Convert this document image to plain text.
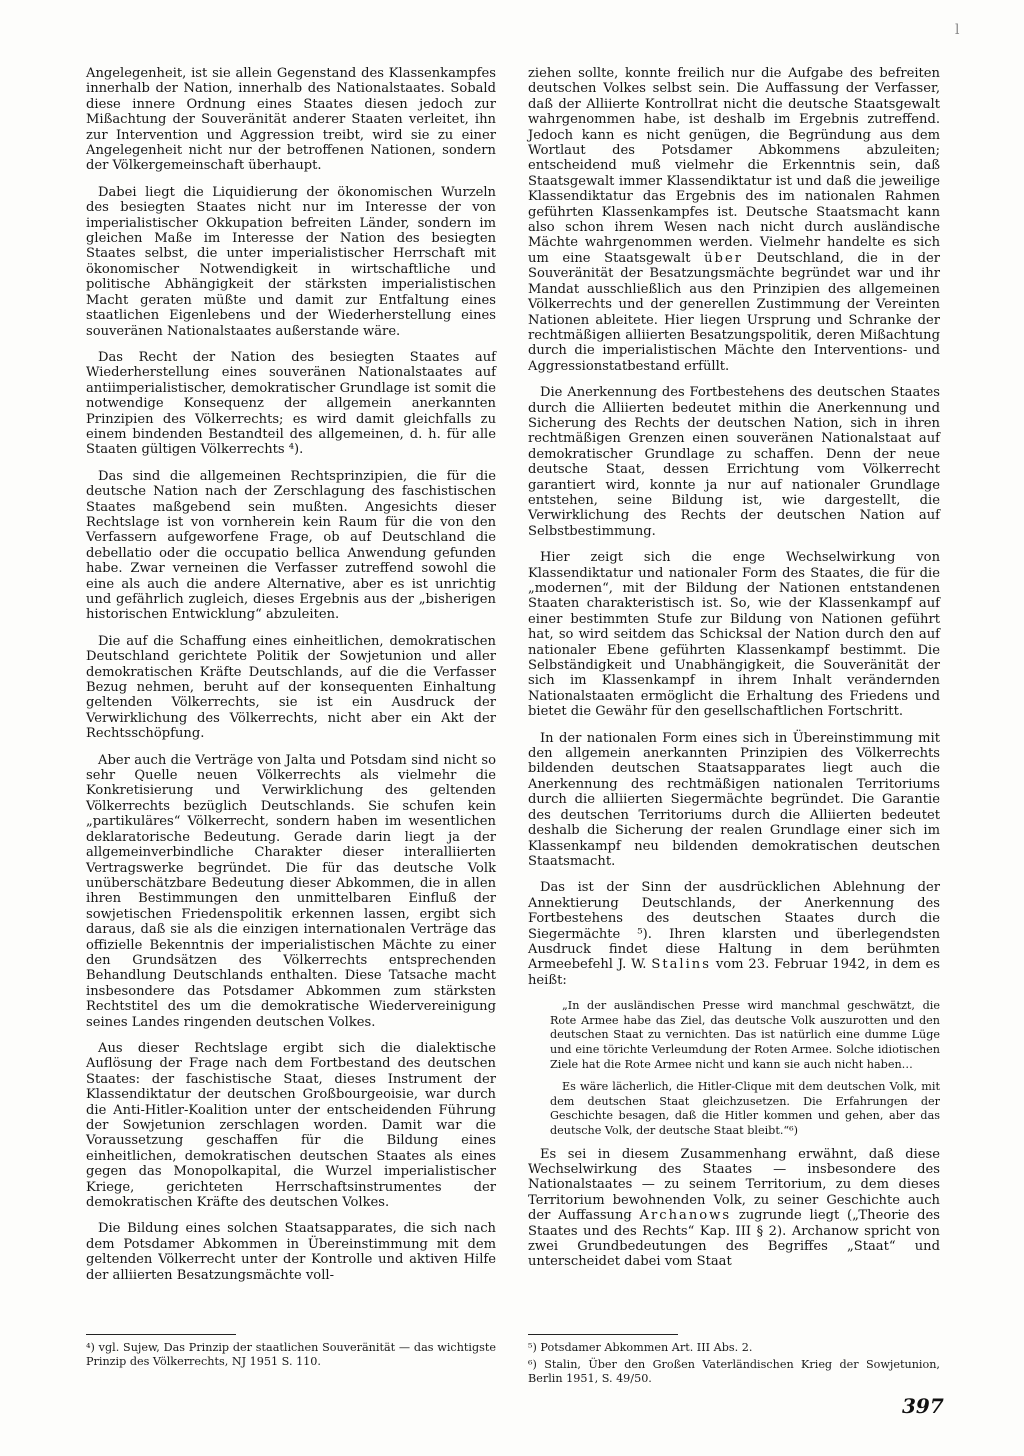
l

Angelegenheit, ist sie allein Gegenstand des Klassenkampfes innerhalb der Nation, innerhalb des Nationalstaates. Sobald diese innere Ordnung eines Staates diesen jedoch zur Mißachtung der Souveränität anderer Staaten verleitet, ihn zur Intervention und Aggression treibt, wird sie zu einer Angelegenheit nicht nur der betroffenen Nationen, sondern der Völkergemeinschaft überhaupt.

Dabei liegt die Liquidierung der ökonomischen Wurzeln des besiegten Staates nicht nur im Interesse der von imperialistischer Okkupation befreiten Länder, sondern im gleichen Maße im Interesse der Nation des besiegten Staates selbst, die unter imperialistischer Herrschaft mit ökonomischer Notwendigkeit in wirtschaftliche und politische Abhängigkeit der stärksten imperialistischen Macht geraten müßte und damit zur Entfaltung eines staatlichen Eigenlebens und der Wiederherstellung eines souveränen Nationalstaates außerstande wäre.

Das Recht der Nation des besiegten Staates auf Wiederherstellung eines souveränen Nationalstaates auf antiimperialistischer, demokratischer Grundlage ist somit die notwendige Konsequenz der allgemein anerkannten Prinzipien des Völkerrechts; es wird damit gleichfalls zu einem bindenden Bestandteil des allgemeinen, d. h. für alle Staaten gültigen Völkerrechts ⁴).

Das sind die allgemeinen Rechtsprinzipien, die für die deutsche Nation nach der Zerschlagung des faschistischen Staates maßgebend sein mußten. Angesichts dieser Rechtslage ist von vornherein kein Raum für die von den Verfassern aufgeworfene Frage, ob auf Deutschland die debellatio oder die occupatio bellica Anwendung gefunden habe. Zwar verneinen die Verfasser zutreffend sowohl die eine als auch die andere Alternative, aber es ist unrichtig und gefährlich zugleich, dieses Ergebnis aus der „bisherigen historischen Entwicklung“ abzuleiten.

Die auf die Schaffung eines einheitlichen, demokratischen Deutschland gerichtete Politik der Sowjetunion und aller demokratischen Kräfte Deutschlands, auf die die Verfasser Bezug nehmen, beruht auf der konsequenten Einhaltung geltenden Völkerrechts, sie ist ein Ausdruck der Verwirklichung des Völkerrechts, nicht aber ein Akt der Rechtsschöpfung.

Aber auch die Verträge von Jalta und Potsdam sind nicht so sehr Quelle neuen Völkerrechts als vielmehr die Konkretisierung und Verwirklichung des geltenden Völkerrechts bezüglich Deutschlands. Sie schufen kein „partikuläres“ Völkerrecht, sondern haben im wesentlichen deklaratorische Bedeutung. Gerade darin liegt ja der allgemeinverbindliche Charakter dieser interalliierten Vertragswerke begründet. Die für das deutsche Volk unüberschätzbare Bedeutung dieser Abkommen, die in allen ihren Bestimmungen den unmittelbaren Einfluß der sowjetischen Friedenspolitik erkennen lassen, ergibt sich daraus, daß sie als die einzigen internationalen Verträge das offizielle Bekenntnis der imperialistischen Mächte zu einer den Grundsätzen des Völkerrechts entsprechenden Behandlung Deutschlands enthalten. Diese Tatsache macht insbesondere das Potsdamer Abkommen zum stärksten Rechtstitel des um die demokratische Wiedervereinigung seines Landes ringenden deutschen Volkes.

Aus dieser Rechtslage ergibt sich die dialektische Auflösung der Frage nach dem Fortbestand des deutschen Staates: der faschistische Staat, dieses Instrument der Klassendiktatur der deutschen Großbourgeoisie, war durch die Anti-Hitler-Koalition unter der entscheidenden Führung der Sowjetunion zerschlagen worden. Damit war die Voraussetzung geschaffen für die Bildung eines einheitlichen, demokratischen deutschen Staates als eines gegen das Monopolkapital, die Wurzel imperialistischer Kriege, gerichteten Herrschaftsinstrumentes der demokratischen Kräfte des deutschen Volkes.

Die Bildung eines solchen Staatsapparates, die sich nach dem Potsdamer Abkommen in Übereinstimmung mit dem geltenden Völkerrecht unter der Kontrolle und aktiven Hilfe der alliierten Besatzungsmächte voll-

ziehen sollte, konnte freilich nur die Aufgabe des befreiten deutschen Volkes selbst sein. Die Auffassung der Verfasser, daß der Alliierte Kontrollrat nicht die deutsche Staatsgewalt wahrgenommen habe, ist deshalb im Ergebnis zutreffend. Jedoch kann es nicht genügen, die Begründung aus dem Wortlaut des Potsdamer Abkommens abzuleiten; entscheidend muß vielmehr die Erkenntnis sein, daß Staatsgewalt immer Klassendiktatur ist und daß die jeweilige Klassendiktatur das Ergebnis des im nationalen Rahmen geführten Klassenkampfes ist. Deutsche Staatsmacht kann also schon ihrem Wesen nach nicht durch ausländische Mächte wahrgenommen werden. Vielmehr handelte es sich um eine Staatsgewalt über Deutschland, die in der Souveränität der Besatzungsmächte begründet war und ihr Mandat ausschließlich aus den Prinzipien des allgemeinen Völkerrechts und der generellen Zustimmung der Vereinten Nationen ableitete. Hier liegen Ursprung und Schranke der rechtmäßigen alliierten Besatzungspolitik, deren Mißachtung durch die imperialistischen Mächte den Interventions- und Aggressionstatbestand erfüllt.

Die Anerkennung des Fortbestehens des deutschen Staates durch die Alliierten bedeutet mithin die Anerkennung und Sicherung des Rechts der deutschen Nation, sich in ihren rechtmäßigen Grenzen einen souveränen Nationalstaat auf demokratischer Grundlage zu schaffen. Denn der neue deutsche Staat, dessen Errichtung vom Völkerrecht garantiert wird, konnte ja nur auf nationaler Grundlage entstehen, seine Bildung ist, wie dargestellt, die Verwirklichung des Rechts der deutschen Nation auf Selbstbestimmung.

Hier zeigt sich die enge Wechselwirkung von Klassendiktatur und nationaler Form des Staates, die für die „modernen“, mit der Bildung der Nationen entstandenen Staaten charakteristisch ist. So, wie der Klassenkampf auf einer bestimmten Stufe zur Bildung von Nationen geführt hat, so wird seitdem das Schicksal der Nation durch den auf nationaler Ebene geführten Klassenkampf bestimmt. Die Selbständigkeit und Unabhängigkeit, die Souveränität der sich im Klassenkampf in ihrem Inhalt verändernden Nationalstaaten ermöglicht die Erhaltung des Friedens und bietet die Gewähr für den gesellschaftlichen Fortschritt.

In der nationalen Form eines sich in Übereinstimmung mit den allgemein anerkannten Prinzipien des Völkerrechts bildenden deutschen Staatsapparates liegt auch die Anerkennung des rechtmäßigen nationalen Territoriums durch die alliierten Siegermächte begründet. Die Garantie des deutschen Territoriums durch die Alliierten bedeutet deshalb die Sicherung der realen Grundlage einer sich im Klassenkampf neu bildenden demokratischen deutschen Staatsmacht.

Das ist der Sinn der ausdrücklichen Ablehnung der Annektierung Deutschlands, der Anerkennung des Fortbestehens des deutschen Staates durch die Siegermächte ⁵). Ihren klarsten und überlegendsten Ausdruck findet diese Haltung in dem berühmten Armeebefehl J. W. Stalins vom 23. Februar 1942, in dem es heißt:

„In der ausländischen Presse wird manchmal geschwätzt, die Rote Armee habe das Ziel, das deutsche Volk auszurotten und den deutschen Staat zu vernichten. Das ist natürlich eine dumme Lüge und eine törichte Verleumdung der Roten Armee. Solche idiotischen Ziele hat die Rote Armee nicht und kann sie auch nicht haben…
Es wäre lächerlich, die Hitler-Clique mit dem deutschen Volk, mit dem deutschen Staat gleichzusetzen. Die Erfahrungen der Geschichte besagen, daß die Hitler kommen und gehen, aber das deutsche Volk, der deutsche Staat bleibt.“⁶)

Es sei in diesem Zusammenhang erwähnt, daß diese Wechselwirkung des Staates — insbesondere des Nationalstaates — zu seinem Territorium, zu dem dieses Territorium bewohnenden Volk, zu seiner Geschichte auch der Auffassung Archanows zugrunde liegt („Theorie des Staates und des Rechts“ Kap. III § 2). Archanow spricht von zwei Grundbedeutungen des Begriffes „Staat“ und unterscheidet dabei vom Staat

⁴) vgl. Sujew, Das Prinzip der staatlichen Souveränität — das wichtigste Prinzip des Völkerrechts, NJ 1951 S. 110.
⁵) Potsdamer Abkommen Art. III Abs. 2.
⁶) Stalin, Über den Großen Vaterländischen Krieg der Sowjetunion, Berlin 1951, S. 49/50.
397
